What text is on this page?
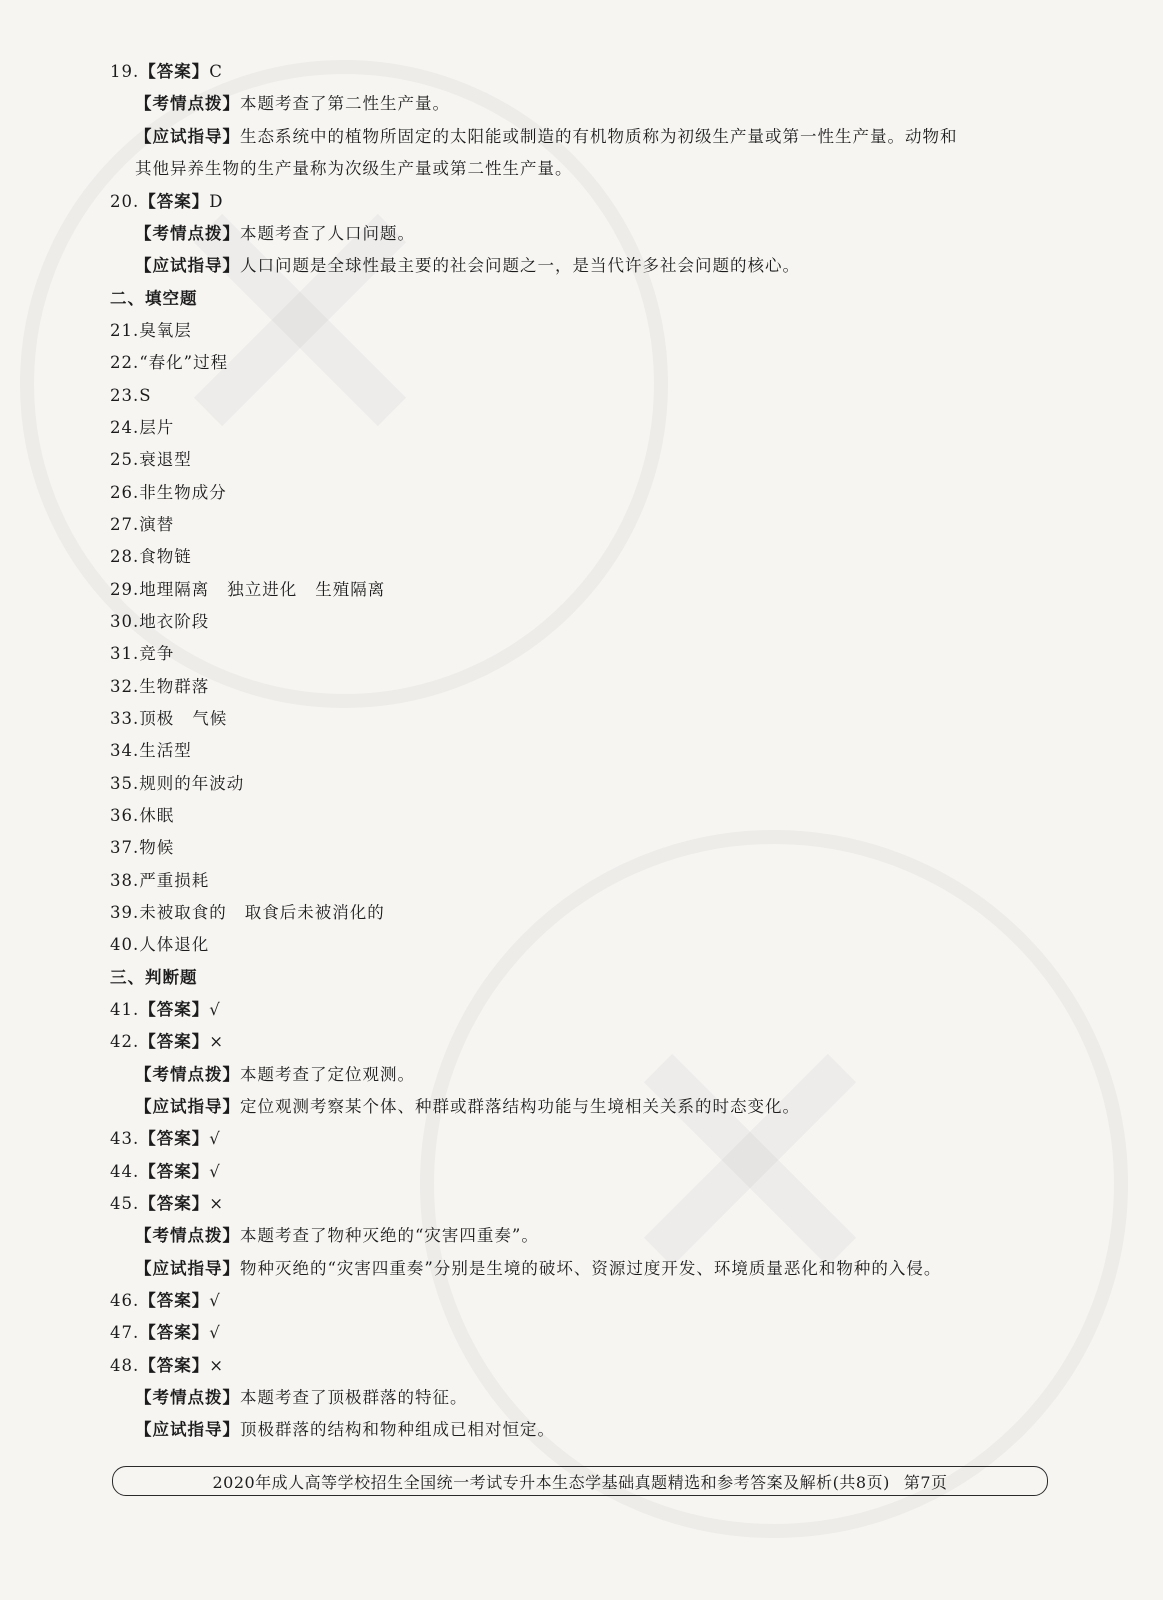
19.【答案】C
【考情点拨】本题考查了第二性生产量。
【应试指导】生态系统中的植物所固定的太阳能或制造的有机物质称为初级生产量或第一性生产量。动物和
其他异养生物的生产量称为次级生产量或第二性生产量。
20.【答案】D
【考情点拨】本题考查了人口问题。
【应试指导】人口问题是全球性最主要的社会问题之一，是当代许多社会问题的核心。
二、填空题
21.臭氧层
22.“春化”过程
23.S
24.层片
25.衰退型
26.非生物成分
27.演替
28.食物链
29.地理隔离 独立进化 生殖隔离
30.地衣阶段
31.竞争
32.生物群落
33.顶极 气候
34.生活型
35.规则的年波动
36.休眠
37.物候
38.严重损耗
39.未被取食的 取食后未被消化的
40.人体退化
三、判断题
41.【答案】√
42.【答案】×
【考情点拨】本题考查了定位观测。
【应试指导】定位观测考察某个体、种群或群落结构功能与生境相关关系的时态变化。
43.【答案】√
44.【答案】√
45.【答案】×
【考情点拨】本题考查了物种灭绝的“灾害四重奏”。
【应试指导】物种灭绝的“灾害四重奏”分别是生境的破坏、资源过度开发、环境质量恶化和物种的入侵。
46.【答案】√
47.【答案】√
48.【答案】×
【考情点拨】本题考查了顶极群落的特征。
【应试指导】顶极群落的结构和物种组成已相对恒定。
2020年成人高等学校招生全国统一考试专升本生态学基础真题精选和参考答案及解析(共8页) 第7页
